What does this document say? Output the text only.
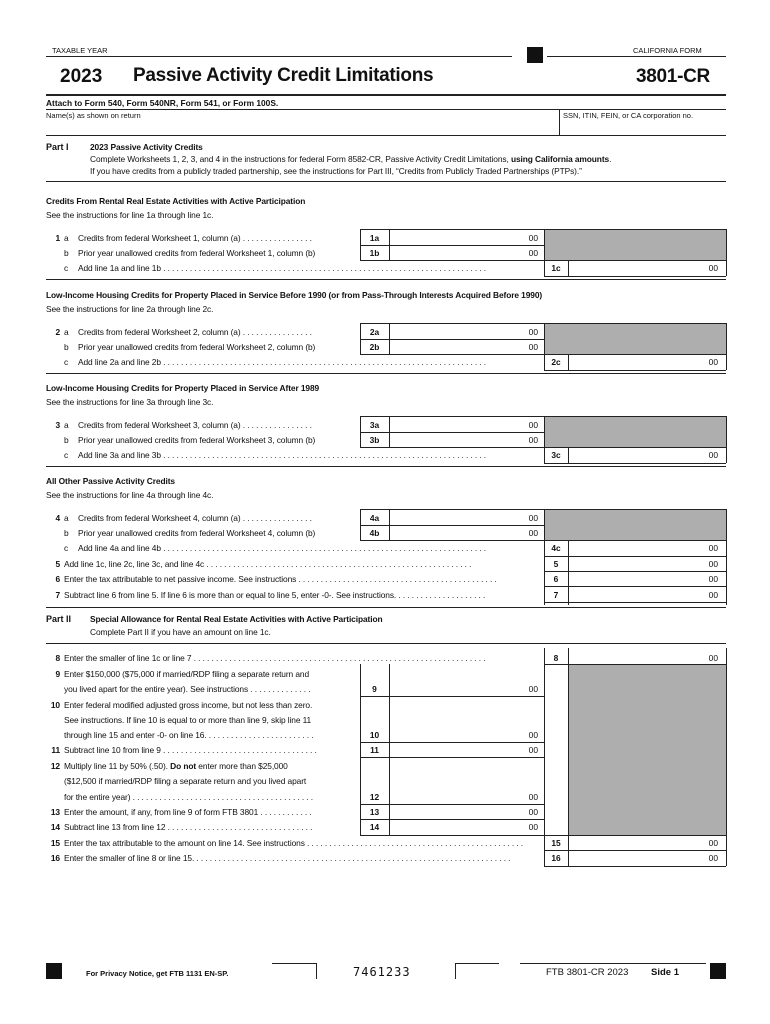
TAXABLE YEAR	CALIFORNIA FORM
2023 Passive Activity Credit Limitations	3801-CR
Attach to Form 540, Form 540NR, Form 541, or Form 100S.
Name(s) as shown on return	SSN, ITIN, FEIN, or CA corporation no.
Part I	2023 Passive Activity Credits
Complete Worksheets 1, 2, 3, and 4 in the instructions for federal Form 8582-CR, Passive Activity Credit Limitations, using California amounts.
If you have credits from a publicly traded partnership, see the instructions for Part III, “Credits from Publicly Traded Partnerships (PTPs).”
Credits From Rental Real Estate Activities with Active Participation
See the instructions for line 1a through line 1c.
1 a Credits from federal Worksheet 1, column (a) . . . . . . . . . . . . . . . .	1a	00
b Prior year unallowed credits from federal Worksheet 1, column (b)	1b	00
c Add line 1a and line 1b . . . . . . . . . . . . . . . . . . . . . . . . . . . . . . . . . . . . . . . . . . . . . . . . . . . . . . . . . . . . . . . . . . . . . . . . .	1c	00
Low-Income Housing Credits for Property Placed in Service Before 1990 (or from Pass-Through Interests Acquired Before 1990)
See the instructions for line 2a through line 2c.
2 a Credits from federal Worksheet 2, column (a) . . . . . . . . . . . . . . . .	2a	00
b Prior year unallowed credits from federal Worksheet 2, column (b)	2b	00
c Add line 2a and line 2b . . . . . . . . . . . . . . . . . . . . . . . . . . . . . . . . . . . . . . . . . . . . . . . . . . . . . . . . . . . . . . . . . . . . . . . . .	2c	00
Low-Income Housing Credits for Property Placed in Service After 1989
See the instructions for line 3a through line 3c.
3 a Credits from federal Worksheet 3, column (a) . . . . . . . . . . . . . . . .	3a	00
b Prior year unallowed credits from federal Worksheet 3, column (b)	3b	00
c Add line 3a and line 3b . . . . . . . . . . . . . . . . . . . . . . . . . . . . . . . . . . . . . . . . . . . . . . . . . . . . . . . . . . . . . . . . . . . . . . . . .	3c	00
All Other Passive Activity Credits
See the instructions for line 4a through line 4c.
4 a Credits from federal Worksheet 4, column (a) . . . . . . . . . . . . . . . .	4a	00
b Prior year unallowed credits from federal Worksheet 4, column (b)	4b	00
c Add line 4a and line 4b . . . . . . . . . . . . . . . . . . . . . . . . . . . . . . . . . . . . . . . . . . . . . . . . . . . . . . . . . . . . . . . . . . . . . . . . .	4c	00
5 Add line 1c, line 2c, line 3c, and line 4c . . . . . . . . . . . . . . . . . . . . . . . . . . . . . . . . . . . . . . . . . . . . . . . . . . . . . . . . . . . .	5	00
6 Enter the tax attributable to net passive income. See instructions . . . . . . . . . . . . . . . . . . . . . . . . . . . . . . . . . . . . . . . . . . . . .	6	00
7 Subtract line 6 from line 5. If line 6 is more than or equal to line 5, enter -0-. See instructions. . . . . . . . . . . . . . . . . . . . .	7	00
Part II Special Allowance for Rental Real Estate Activities with Active Participation
Complete Part II if you have an amount on line 1c.
8 Enter the smaller of line 1c or line 7 . . . . . . . . . . . . . . . . . . . . . . . . . . . . . . . . . . . . . . . . . . . . . . . . . . . . . . . . . . . . . . . . . .	8	00
9 Enter $150,000 ($75,000 if married/RDP filing a separate return and
you lived apart for the entire year). See instructions . . . . . . . . . . . . . .	9	00
10 Enter federal modified adjusted gross income, but not less than zero.
See instructions. If line 10 is equal to or more than line 9, skip line 11
through line 15 and enter -0- on line 16. . . . . . . . . . . . . . . . . . . . . . . . .	10	00
11 Subtract line 10 from line 9 . . . . . . . . . . . . . . . . . . . . . . . . . . . . . . . . . . .	11	00
12 Multiply line 11 by 50% (.50). Do not enter more than $25,000
($12,500 if married/RDP filing a separate return and you lived apart
for the entire year) . . . . . . . . . . . . . . . . . . . . . . . . . . . . . . . . . . . . . . . . .	12	00
13 Enter the amount, if any, from line 9 of form FTB 3801 . . . . . . . . . . . .	13	00
14 Subtract line 13 from line 12 . . . . . . . . . . . . . . . . . . . . . . . . . . . . . . . . .	14	00
15 Enter the tax attributable to the amount on line 14. See instructions . . . . . . . . . . . . . . . . . . . . . . . . . . . . . . . . . . . . . . . . . . . . . . . . .	15	00
16 Enter the smaller of line 8 or line 15. . . . . . . . . . . . . . . . . . . . . . . . . . . . . . . . . . . . . . . . . . . . . . . . . . . . . . . . . . . . . . . . . . . . . . . .	16	00
For Privacy Notice, get FTB 1131 EN-SP.	7461233	FTB 3801-CR 2023 Side 1
